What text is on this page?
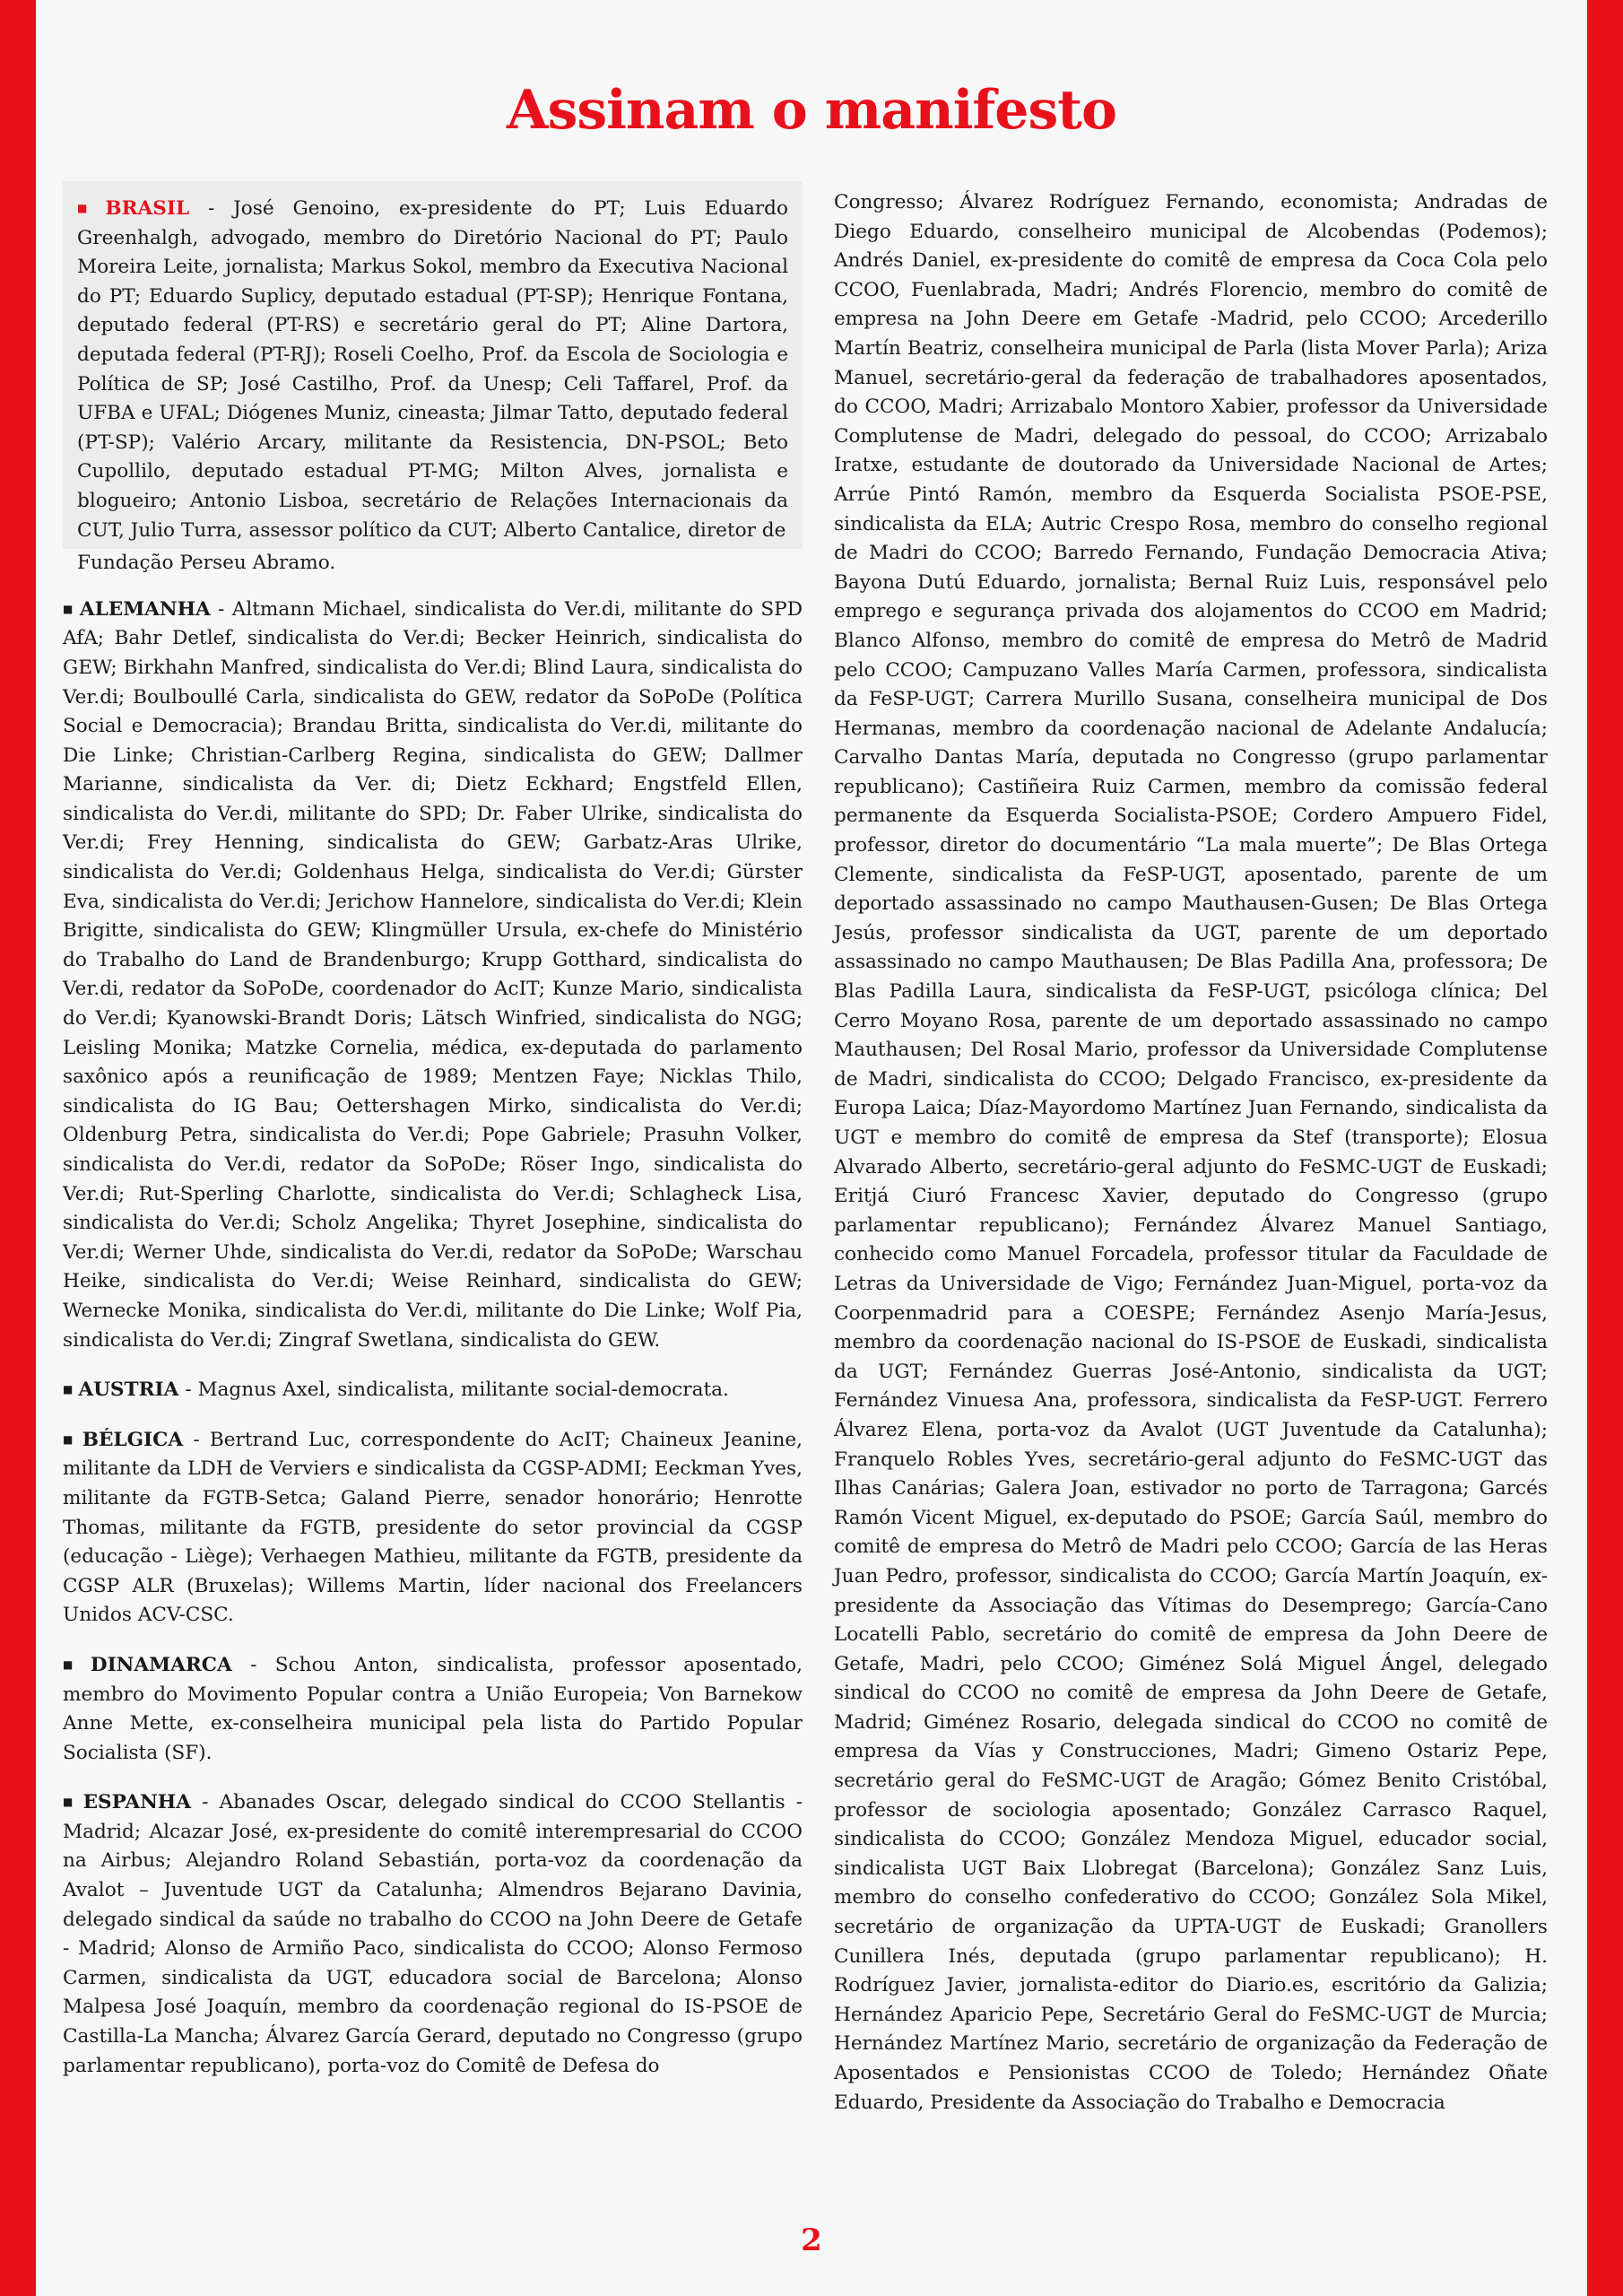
Assinam o manifesto

■ BRASIL - José Genoino, ex-presidente do PT; Luis Eduardo Greenhalgh, advogado, membro do Diretório Nacional do PT; Paulo Moreira Leite, jornalista; Markus Sokol, membro da Executiva Nacional do PT; Eduardo Suplicy, deputado estadual (PT-SP); Henrique Fontana, deputado federal (PT-RS) e secretário geral do PT; Aline Dartora, deputada federal (PT-RJ); Roseli Coelho, Prof. da Escola de Sociologia e Política de SP; José Castilho, Prof. da Unesp; Celi Taffarel, Prof. da UFBA e UFAL; Diógenes Muniz, cineasta; Jilmar Tatto, deputado federal (PT-SP); Valério Arcary, militante da Resistencia, DN-PSOL; Beto Cupollilo, deputado estadual PT-MG; Milton Alves, jornalista e blogueiro; Antonio Lisboa, secretário de Relações Internacionais da CUT, Julio Turra, assessor político da CUT; Alberto Cantalice, diretor de

Fundação Perseu Abramo.

■ ALEMANHA - Altmann Michael, sindicalista do Ver.di, militante do SPD AfA; Bahr Detlef, sindicalista do Ver.di; Becker Heinrich, sindicalista do GEW; Birkhahn Manfred, sindicalista do Ver.di; Blind Laura, sindicalista do Ver.di; Boulboullé Carla, sindicalista do GEW, redator da SoPoDe (Política Social e Democracia); Brandau Britta, sindicalista do Ver.di, militante do Die Linke; Christian-Carlberg Regina, sindicalista do GEW; Dallmer Marianne, sindicalista da Ver. di; Dietz Eckhard; Engstfeld Ellen, sindicalista do Ver.di, militante do SPD; Dr. Faber Ulrike, sindicalista do Ver.di; Frey Henning, sindicalista do GEW; Garbatz-Aras Ulrike, sindicalista do Ver.di; Goldenhaus Helga, sindicalista do Ver.di; Gürster Eva, sindicalista do Ver.di; Jerichow Hannelore, sindicalista do Ver.di; Klein Brigitte, sindicalista do GEW; Klingmüller Ursula, ex-chefe do Ministério do Trabalho do Land de Brandenburgo; Krupp Gotthard, sindicalista do Ver.di, redator da SoPoDe, coordenador do AcIT; Kunze Mario, sindicalista do Ver.di; Kyanowski-Brandt Doris; Lätsch Winfried, sindicalista do NGG; Leisling Monika; Matzke Cornelia, médica, ex-deputada do parlamento saxônico após a reunificação de 1989; Mentzen Faye; Nicklas Thilo, sindicalista do IG Bau; Oettershagen Mirko, sindicalista do Ver.di; Oldenburg Petra, sindicalista do Ver.di; Pope Gabriele; Prasuhn Volker, sindicalista do Ver.di, redator da SoPoDe; Röser Ingo, sindicalista do Ver.di; Rut-Sperling Charlotte, sindicalista do Ver.di; Schlagheck Lisa, sindicalista do Ver.di; Scholz Angelika; Thyret Josephine, sindicalista do Ver.di; Werner Uhde, sindicalista do Ver.di, redator da SoPoDe; Warschau Heike, sindicalista do Ver.di; Weise Reinhard, sindicalista do GEW; Wernecke Monika, sindicalista do Ver.di, militante do Die Linke; Wolf Pia, sindicalista do Ver.di; Zingraf Swetlana, sindicalista do GEW.

■ AUSTRIA - Magnus Axel, sindicalista, militante social-democrata.

■ BÉLGICA - Bertrand Luc, correspondente do AcIT; Chaineux Jeanine, militante da LDH de Verviers e sindicalista da CGSP-ADMI; Eeckman Yves, militante da FGTB-Setca; Galand Pierre, senador honorário; Henrotte Thomas, militante da FGTB, presidente do setor provincial da CGSP (educação - Liège); Verhaegen Mathieu, militante da FGTB, presidente da CGSP ALR (Bruxelas); Willems Martin, líder nacional dos Freelancers Unidos ACV-CSC.

■ DINAMARCA - Schou Anton, sindicalista, professor aposentado, membro do Movimento Popular contra a União Europeia; Von Barnekow Anne Mette, ex-conselheira municipal pela lista do Partido Popular Socialista (SF).

■ ESPANHA - Abanades Oscar, delegado sindical do CCOO Stellantis - Madrid; Alcazar José, ex-presidente do comitê interempresarial do CCOO na Airbus; Alejandro Roland Sebastián, porta-voz da coordenação da Avalot – Juventude UGT da Catalunha; Almendros Bejarano Davinia, delegado sindical da saúde no trabalho do CCOO na John Deere de Getafe - Madrid; Alonso de Armiño Paco, sindicalista do CCOO; Alonso Fermoso Carmen, sindicalista da UGT, educadora social de Barcelona; Alonso Malpesa José Joaquín, membro da coordenação regional do IS-PSOE de Castilla-La Mancha; Álvarez García Gerard, deputado no Congresso (grupo parlamentar republicano), porta-voz do Comitê de Defesa do

Congresso; Álvarez Rodríguez Fernando, economista; Andradas de Diego Eduardo, conselheiro municipal de Alcobendas (Podemos); Andrés Daniel, ex-presidente do comitê de empresa da Coca Cola pelo CCOO, Fuenlabrada, Madri; Andrés Florencio, membro do comitê de empresa na John Deere em Getafe -Madrid, pelo CCOO; Arcederillo Martín Beatriz, conselheira municipal de Parla (lista Mover Parla); Ariza Manuel, secretário-geral da federação de trabalhadores aposentados, do CCOO, Madri; Arrizabalo Montoro Xabier, professor da Universidade Complutense de Madri, delegado do pessoal, do CCOO; Arrizabalo Iratxe, estudante de doutorado da Universidade Nacional de Artes; Arrúe Pintó Ramón, membro da Esquerda Socialista PSOE-PSE, sindicalista da ELA; Autric Crespo Rosa, membro do conselho regional de Madri do CCOO; Barredo Fernando, Fundação Democracia Ativa; Bayona Dutú Eduardo, jornalista; Bernal Ruiz Luis, responsável pelo emprego e segurança privada dos alojamentos do CCOO em Madrid; Blanco Alfonso, membro do comitê de empresa do Metrô de Madrid pelo CCOO; Campuzano Valles María Carmen, professora, sindicalista da FeSP-UGT; Carrera Murillo Susana, conselheira municipal de Dos Hermanas, membro da coordenação nacional de Adelante Andalucía; Carvalho Dantas María, deputada no Congresso (grupo parlamentar republicano); Castiñeira Ruiz Carmen, membro da comissão federal permanente da Esquerda Socialista-PSOE; Cordero Ampuero Fidel, professor, diretor do documentário “La mala muerte”; De Blas Ortega Clemente, sindicalista da FeSP-UGT, aposentado, parente de um deportado assassinado no campo Mauthausen-Gusen; De Blas Ortega Jesús, professor sindicalista da UGT, parente de um deportado assassinado no campo Mauthausen; De Blas Padilla Ana, professora; De Blas Padilla Laura, sindicalista da FeSP-UGT, psicóloga clínica; Del Cerro Moyano Rosa, parente de um deportado assassinado no campo Mauthausen; Del Rosal Mario, professor da Universidade Complutense de Madri, sindicalista do CCOO; Delgado Francisco, ex-presidente da Europa Laica; Díaz-Mayordomo Martínez Juan Fernando, sindicalista da UGT e membro do comitê de empresa da Stef (transporte); Elosua Alvarado Alberto, secretário-geral adjunto do FeSMC-UGT de Euskadi; Eritjá Ciuró Francesc Xavier, deputado do Congresso (grupo parlamentar republicano); Fernández Álvarez Manuel Santiago, conhecido como Manuel Forcadela, professor titular da Faculdade de Letras da Universidade de Vigo; Fernández Juan-Miguel, porta-voz da Coorpenmadrid para a COESPE; Fernández Asenjo María-Jesus, membro da coordenação nacional do IS-PSOE de Euskadi, sindicalista da UGT; Fernández Guerras José-Antonio, sindicalista da UGT; Fernández Vinuesa Ana, professora, sindicalista da FeSP-UGT. Ferrero Álvarez Elena, porta-voz da Avalot (UGT Juventude da Catalunha); Franquelo Robles Yves, secretário-geral adjunto do FeSMC-UGT das Ilhas Canárias; Galera Joan, estivador no porto de Tarragona; Garcés Ramón Vicent Miguel, ex-deputado do PSOE; García Saúl, membro do comitê de empresa do Metrô de Madri pelo CCOO; García de las Heras Juan Pedro, professor, sindicalista do CCOO; García Martín Joaquín, ex-presidente da Associação das Vítimas do Desemprego; García-Cano Locatelli Pablo, secretário do comitê de empresa da John Deere de Getafe, Madri, pelo CCOO; Giménez Solá Miguel Ángel, delegado sindical do CCOO no comitê de empresa da John Deere de Getafe, Madrid; Giménez Rosario, delegada sindical do CCOO no comitê de empresa da Vías y Construcciones, Madri; Gimeno Ostariz Pepe, secretário geral do FeSMC-UGT de Aragão; Gómez Benito Cristóbal, professor de sociologia aposentado; González Carrasco Raquel, sindicalista do CCOO; González Mendoza Miguel, educador social, sindicalista UGT Baix Llobregat (Barcelona); González Sanz Luis, membro do conselho confederativo do CCOO; González Sola Mikel, secretário de organização da UPTA-UGT de Euskadi; Granollers Cunillera Inés, deputada (grupo parlamentar republicano); H. Rodríguez Javier, jornalista-editor do Diario.es, escritório da Galizia; Hernández Aparicio Pepe, Secretário Geral do FeSMC-UGT de Murcia; Hernández Martínez Mario, secretário de organização da Federação de Aposentados e Pensionistas CCOO de Toledo; Hernández Oñate Eduardo, Presidente da Associação do Trabalho e Democracia

2
